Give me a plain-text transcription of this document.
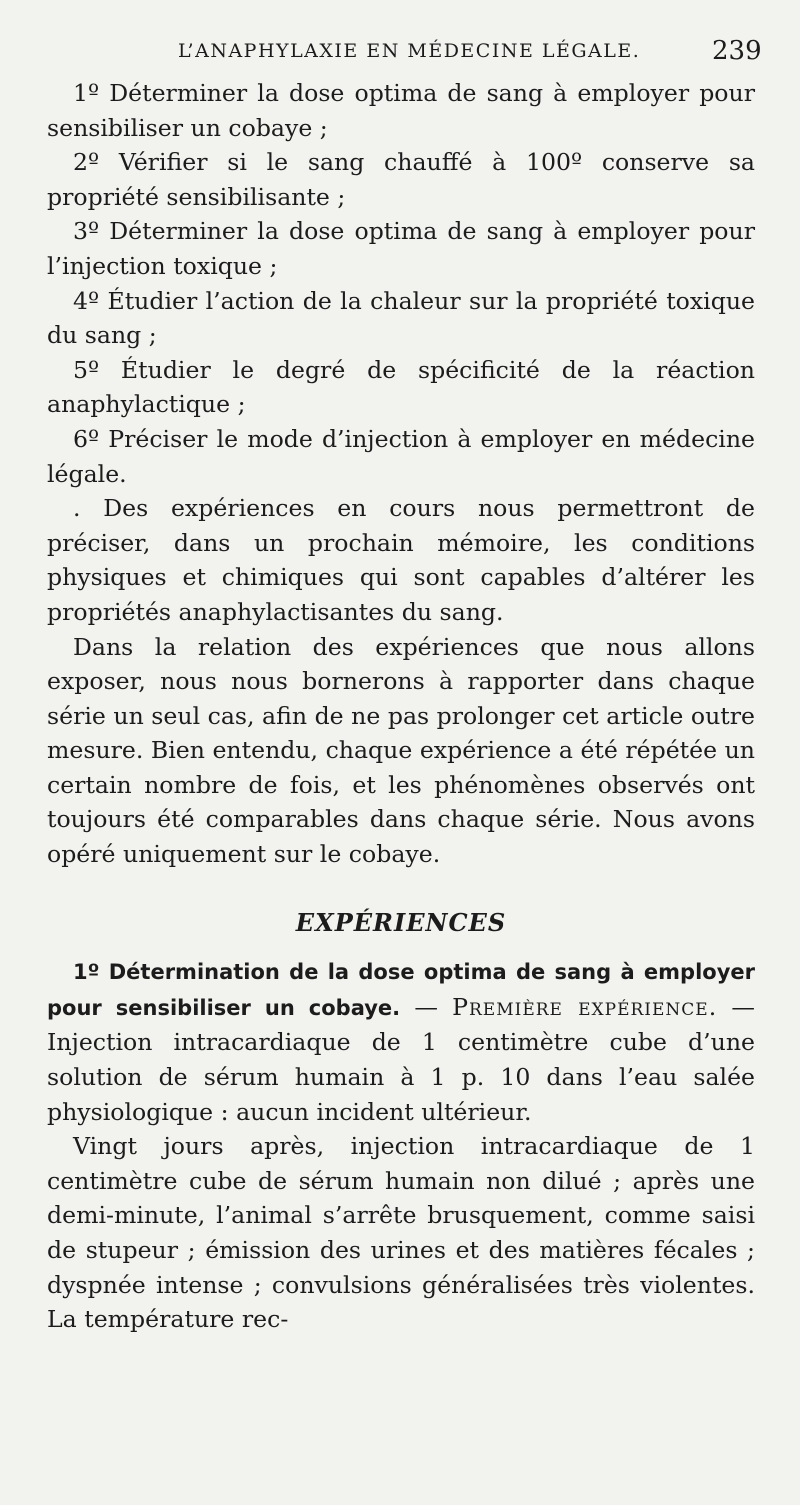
L’ANAPHYLAXIE EN MÉDECINE LÉGALE.	239

1º Déterminer la dose optima de sang à employer pour sensibiliser un cobaye ;

2º Vérifier si le sang chauffé à 100º conserve sa propriété sensibilisante ;

3º Déterminer la dose optima de sang à employer pour l’injection toxique ;

4º Étudier l’action de la chaleur sur la propriété toxique du sang ;

5º Étudier le degré de spécificité de la réaction anaphylactique ;

6º Préciser le mode d’injection à employer en médecine légale.

. Des expériences en cours nous permettront de préciser, dans un prochain mémoire, les conditions physiques et chimiques qui sont capables d’altérer les propriétés anaphylactisantes du sang.

Dans la relation des expériences que nous allons exposer, nous nous bornerons à rapporter dans chaque série un seul cas, afin de ne pas prolonger cet article outre mesure. Bien entendu, chaque expérience a été répétée un certain nombre de fois, et les phénomènes observés ont toujours été comparables dans chaque série. Nous avons opéré uniquement sur le cobaye.

EXPÉRIENCES

1º Détermination de la dose optima de sang à employer pour sensibiliser un cobaye. — Première expérience. — Injection intracardiaque de 1 centimètre cube d’une solution de sérum humain à 1 p. 10 dans l’eau salée physiologique : aucun incident ultérieur.

Vingt jours après, injection intracardiaque de 1 centimètre cube de sérum humain non dilué ; après une demi-minute, l’animal s’arrête brusquement, comme saisi de stupeur ; émission des urines et des matières fécales ; dyspnée intense ; convulsions généralisées très violentes. La température rec-
